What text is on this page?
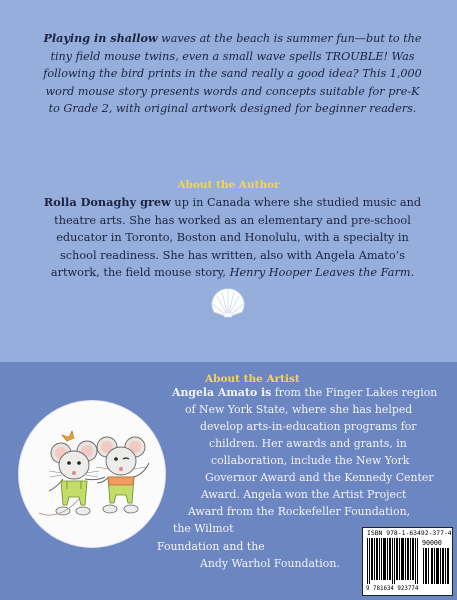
Playing in shallow waves at the beach is summer fun—but to the tiny field mouse twins, even a small wave spells TROUBLE! Was following the bird prints in the sand really a good idea? This 1,000 word mouse story presents words and concepts suitable for pre-K to Grade 2, with original artwork designed for beginner readers.

About the Author

Rolla Donaghy grew up in Canada where she studied music and theatre arts. She has worked as an elementary and pre-school educator in Toronto, Boston and Honolulu, with a specialty in school readiness. She has written, also with Angela Amato’s artwork, the field mouse story, Henry Hooper Leaves the Farm.

About the Artist
Angela Amato is from the Finger Lakes region
of New York State, where she has helped
develop arts-in-education programs for
children. Her awards and grants, in
collaboration, include the New York
Governor Award and the Kennedy Center
Award. Angela won the Artist Project
Award from the Rockefeller Foundation,
the Wilmot
Foundation and the
Andy Warhol Foundation.
ISBN 978-1-63492-377-4
90000
9 781634 923774
